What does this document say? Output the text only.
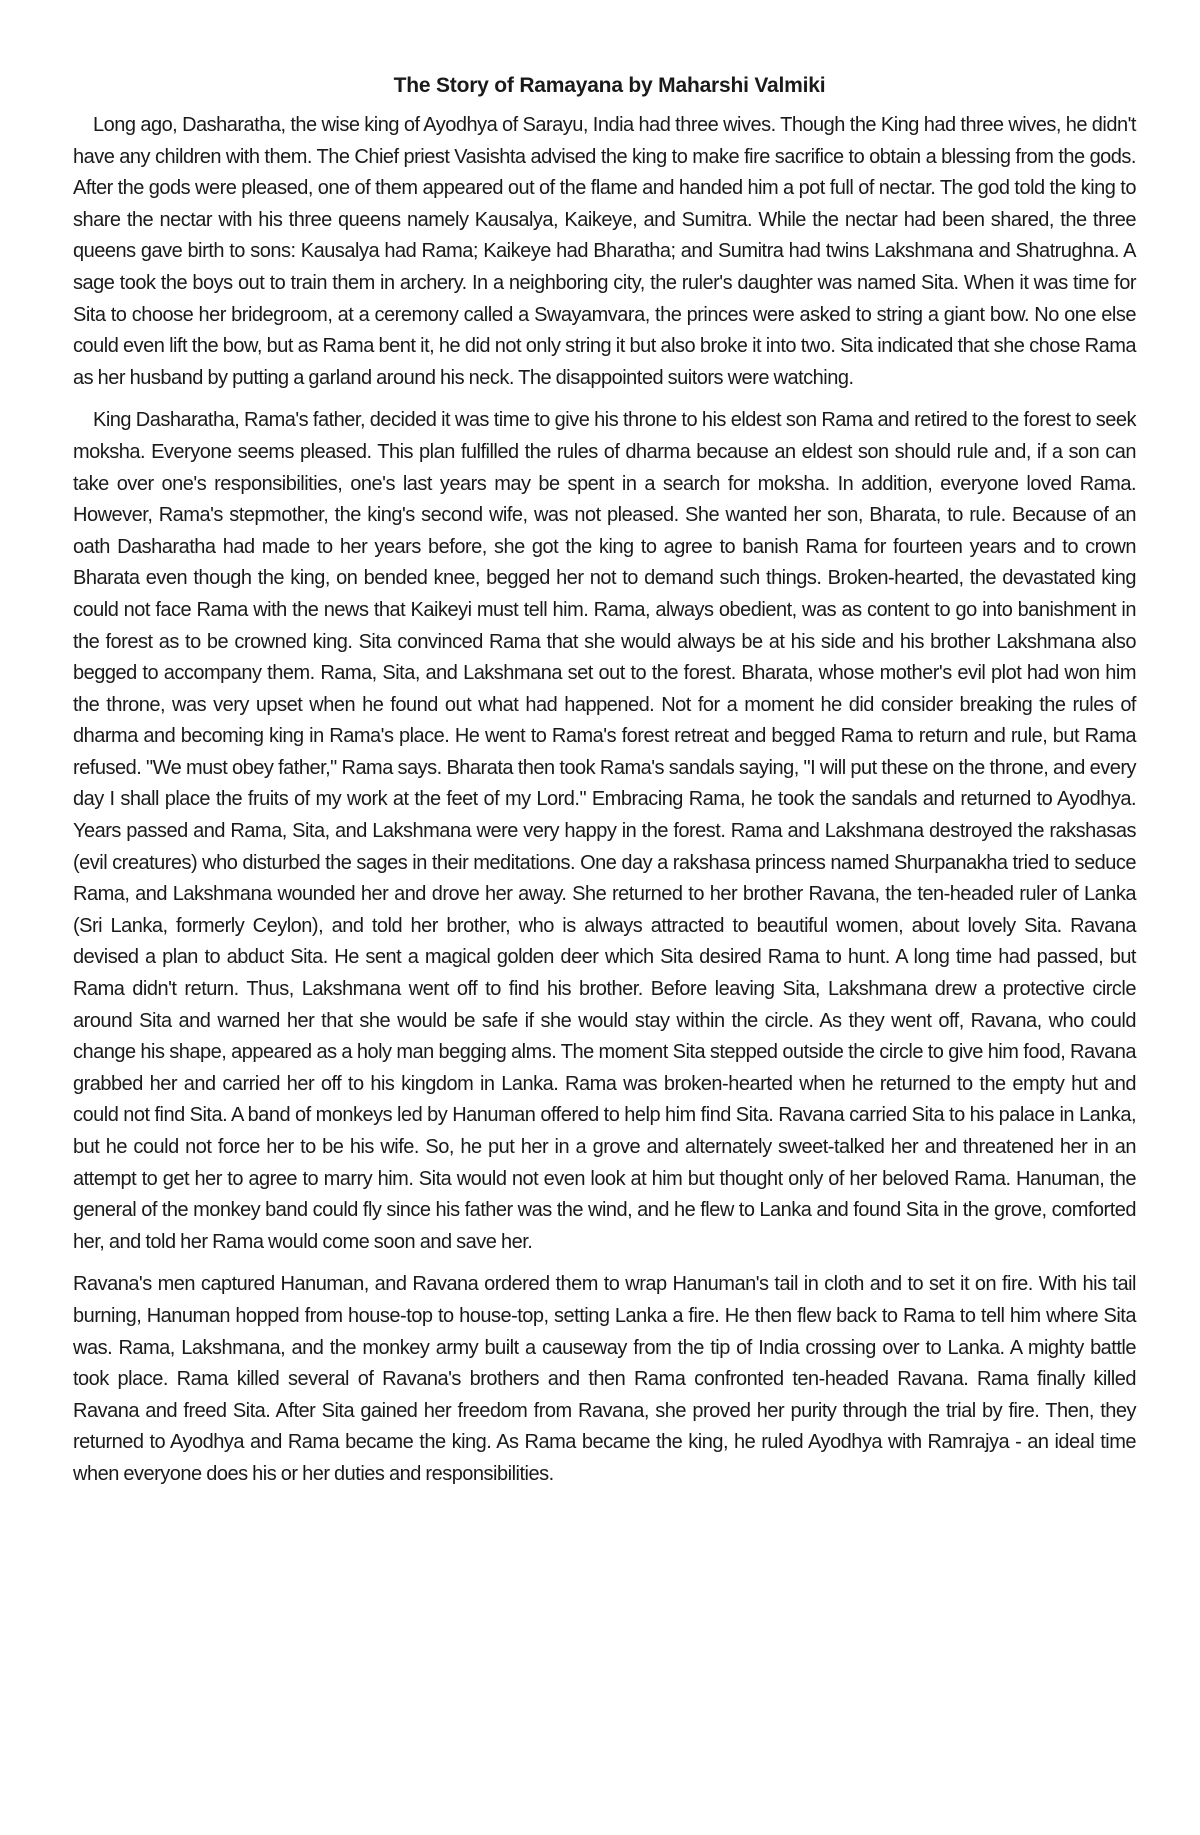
The Story of Ramayana by Maharshi Valmiki

Long ago, Dasharatha, the wise king of Ayodhya of Sarayu, India had three wives. Though the King had three wives, he didn't have any children with them. The Chief priest Vasishta advised the king to make fire sacrifice to obtain a blessing from the gods. After the gods were pleased, one of them appeared out of the flame and handed him a pot full of nectar. The god told the king to share the nectar with his three queens namely Kausalya, Kaikeye, and Sumitra. While the nectar had been shared, the three queens gave birth to sons: Kausalya had Rama; Kaikeye had Bharatha; and Sumitra had twins Lakshmana and Shatrughna. A sage took the boys out to train them in archery. In a neighboring city, the ruler's daughter was named Sita. When it was time for Sita to choose her bridegroom, at a ceremony called a Swayamvara, the princes were asked to string a giant bow. No one else could even lift the bow, but as Rama bent it, he did not only string it but also broke it into two. Sita indicated that she chose Rama as her husband by putting a garland around his neck. The disappointed suitors were watching.

King Dasharatha, Rama's father, decided it was time to give his throne to his eldest son Rama and retired to the forest to seek moksha. Everyone seems pleased. This plan fulfilled the rules of dharma because an eldest son should rule and, if a son can take over one's responsibilities, one's last years may be spent in a search for moksha. In addition, everyone loved Rama. However, Rama's stepmother, the king's second wife, was not pleased. She wanted her son, Bharata, to rule. Because of an oath Dasharatha had made to her years before, she got the king to agree to banish Rama for fourteen years and to crown Bharata even though the king, on bended knee, begged her not to demand such things. Broken-hearted, the devastated king could not face Rama with the news that Kaikeyi must tell him. Rama, always obedient, was as content to go into banishment in the forest as to be crowned king. Sita convinced Rama that she would always be at his side and his brother Lakshmana also begged to accompany them. Rama, Sita, and Lakshmana set out to the forest. Bharata, whose mother's evil plot had won him the throne, was very upset when he found out what had happened. Not for a moment he did consider breaking the rules of dharma and becoming king in Rama's place. He went to Rama's forest retreat and begged Rama to return and rule, but Rama refused. "We must obey father," Rama says. Bharata then took Rama's sandals saying, "I will put these on the throne, and every day I shall place the fruits of my work at the feet of my Lord." Embracing Rama, he took the sandals and returned to Ayodhya. Years passed and Rama, Sita, and Lakshmana were very happy in the forest. Rama and Lakshmana destroyed the rakshasas (evil creatures) who disturbed the sages in their meditations. One day a rakshasa princess named Shurpanakha tried to seduce Rama, and Lakshmana wounded her and drove her away. She returned to her brother Ravana, the ten-headed ruler of Lanka (Sri Lanka, formerly Ceylon), and told her brother, who is always attracted to beautiful women, about lovely Sita. Ravana devised a plan to abduct Sita. He sent a magical golden deer which Sita desired Rama to hunt. A long time had passed, but Rama didn't return. Thus, Lakshmana went off to find his brother. Before leaving Sita, Lakshmana drew a protective circle around Sita and warned her that she would be safe if she would stay within the circle. As they went off, Ravana, who could change his shape, appeared as a holy man begging alms. The moment Sita stepped outside the circle to give him food, Ravana grabbed her and carried her off to his kingdom in Lanka. Rama was broken-hearted when he returned to the empty hut and could not find Sita. A band of monkeys led by Hanuman offered to help him find Sita. Ravana carried Sita to his palace in Lanka, but he could not force her to be his wife. So, he put her in a grove and alternately sweet-talked her and threatened her in an attempt to get her to agree to marry him. Sita would not even look at him but thought only of her beloved Rama. Hanuman, the general of the monkey band could fly since his father was the wind, and he flew to Lanka and found Sita in the grove, comforted her, and told her Rama would come soon and save her.

Ravana's men captured Hanuman, and Ravana ordered them to wrap Hanuman's tail in cloth and to set it on fire. With his tail burning, Hanuman hopped from house-top to house-top, setting Lanka a fire. He then flew back to Rama to tell him where Sita was. Rama, Lakshmana, and the monkey army built a causeway from the tip of India crossing over to Lanka. A mighty battle took place. Rama killed several of Ravana's brothers and then Rama confronted ten-headed Ravana. Rama finally killed Ravana and freed Sita. After Sita gained her freedom from Ravana, she proved her purity through the trial by fire. Then, they returned to Ayodhya and Rama became the king. As Rama became the king, he ruled Ayodhya with Ramrajya - an ideal time when everyone does his or her duties and responsibilities.
